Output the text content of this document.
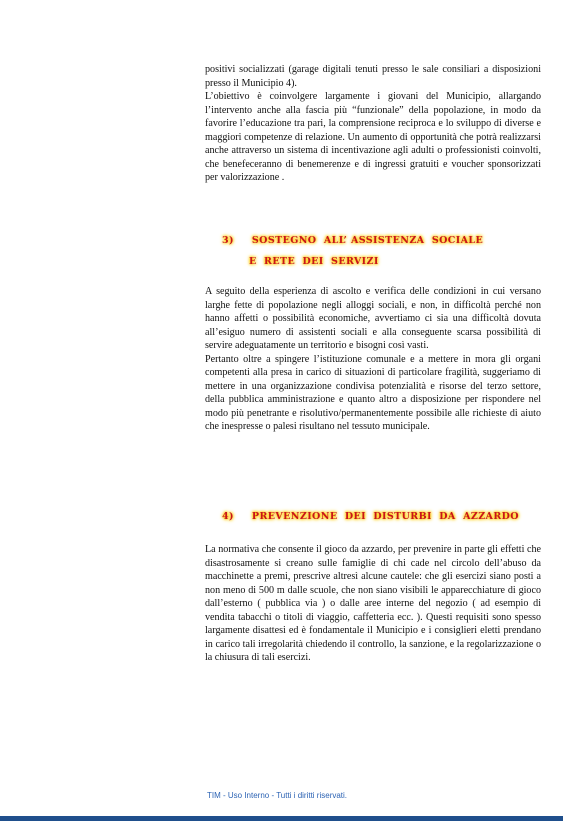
positivi socializzati (garage digitali tenuti presso le sale consiliari a disposizioni presso il Municipio 4).

L’obiettivo è coinvolgere largamente i giovani del Municipio, allargando l’intervento anche alla fascia più “funzionale” della popolazione, in modo da favorire l’educazione tra pari, la comprensione reciproca e lo sviluppo di diverse e maggiori competenze di relazione. Un aumento di opportunità che potrà realizzarsi anche attraverso un sistema di incentivazione agli adulti o professionisti coinvolti, che benefeceranno di benemerenze e di ingressi gratuiti e voucher sponsorizzati per valorizzazione .

3) SOSTEGNO  ALL’ ASSISTENZA  SOCIALE
E  RETE  DEI  SERVIZI

A seguito della esperienza di ascolto e verifica delle condizioni in cui versano larghe fette di popolazione negli alloggi sociali, e non, in difficoltà perché non hanno affetti o possibilità economiche, avvertiamo ci sia una difficoltà dovuta all’esiguo numero di assistenti sociali e alla conseguente scarsa possibilità di servire adeguatamente un territorio e bisogni così vasti.

Pertanto oltre a spingere l’istituzione comunale e a mettere in mora gli organi competenti alla presa in carico di situazioni di particolare fragilità, suggeriamo di mettere in una organizzazione condivisa potenzialità e risorse del terzo settore, della pubblica amministrazione e quanto altro a disposizione per rispondere nel modo più penetrante e risolutivo/permanentemente possibile alle richieste di aiuto che inespresse o palesi risultano nel tessuto municipale.

4) PREVENZIONE  DEI  DISTURBI  DA  AZZARDO

La normativa che consente il gioco da azzardo, per prevenire in parte gli effetti che disastrosamente si creano sulle famiglie di chi cade nel circolo dell’abuso da macchinette a premi, prescrive altresì alcune cautele: che gli esercizi siano posti a non meno di 500 m dalle scuole, che non siano visibili le apparecchiature di gioco dall’esterno ( pubblica via ) o dalle aree interne del negozio ( ad esempio di vendita tabacchi o titoli di viaggio, caffetteria ecc. ). Questi requisiti sono spesso largamente disattesi ed è fondamentale il Municipio e i consiglieri eletti prendano in carico tali irregolarità chiedendo il controllo, la sanzione, e la regolarizzazione o la chiusura di tali esercizi.

TIM - Uso Interno - Tutti i diritti riservati.
